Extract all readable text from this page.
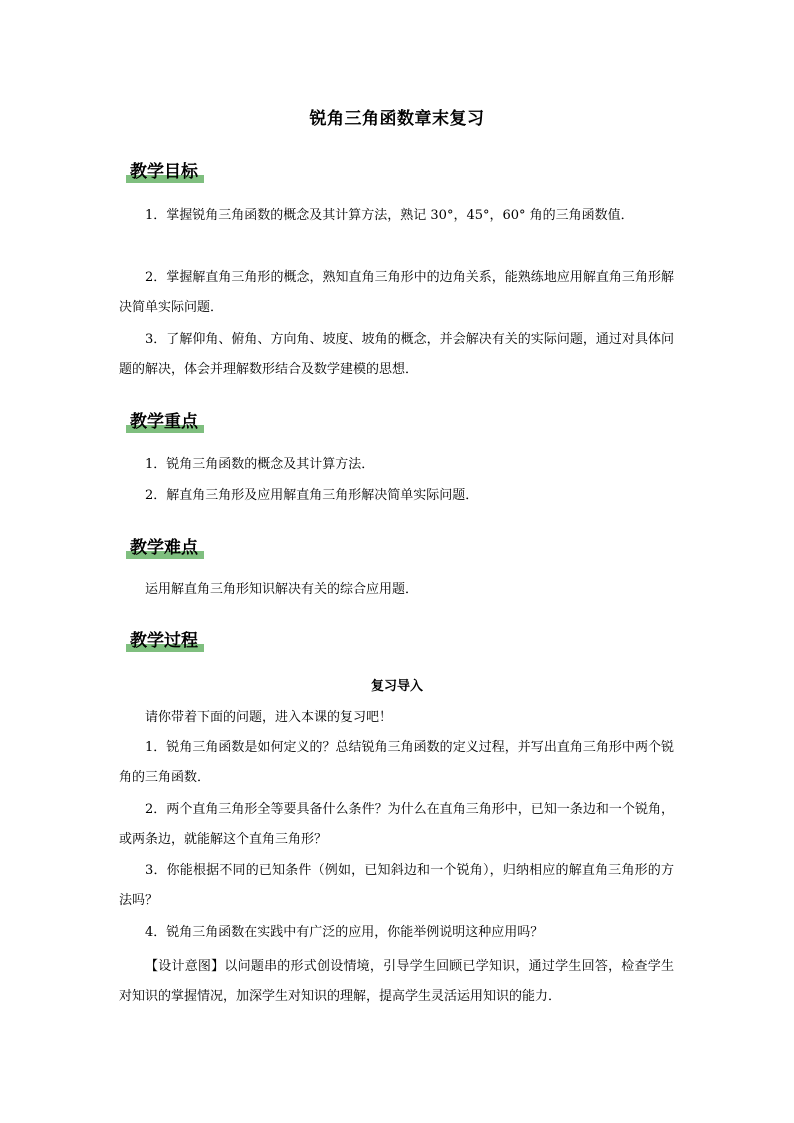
锐角三角函数章末复习
教学目标

1．掌握锐角三角函数的概念及其计算方法，熟记 30°，45°，60° 角的三角函数值．

2．掌握解直角三角形的概念，熟知直角三角形中的边角关系，能熟练地应用解直角三角形解决简单实际问题．

3．了解仰角、俯角、方向角、坡度、坡角的概念，并会解决有关的实际问题，通过对具体问题的解决，体会并理解数形结合及数学建模的思想．

教学重点

1．锐角三角函数的概念及其计算方法．

2．解直角三角形及应用解直角三角形解决简单实际问题．

教学难点

运用解直角三角形知识解决有关的综合应用题．

教学过程

复习导入

请你带着下面的问题，进入本课的复习吧！

1．锐角三角函数是如何定义的？总结锐角三角函数的定义过程，并写出直角三角形中两个锐角的三角函数．

2．两个直角三角形全等要具备什么条件？为什么在直角三角形中，已知一条边和一个锐角，或两条边，就能解这个直角三角形？

3．你能根据不同的已知条件（例如，已知斜边和一个锐角），归纳相应的解直角三角形的方法吗？

4．锐角三角函数在实践中有广泛的应用，你能举例说明这种应用吗？

【设计意图】以问题串的形式创设情境，引导学生回顾已学知识，通过学生回答，检查学生对知识的掌握情况，加深学生对知识的理解，提高学生灵活运用知识的能力．
